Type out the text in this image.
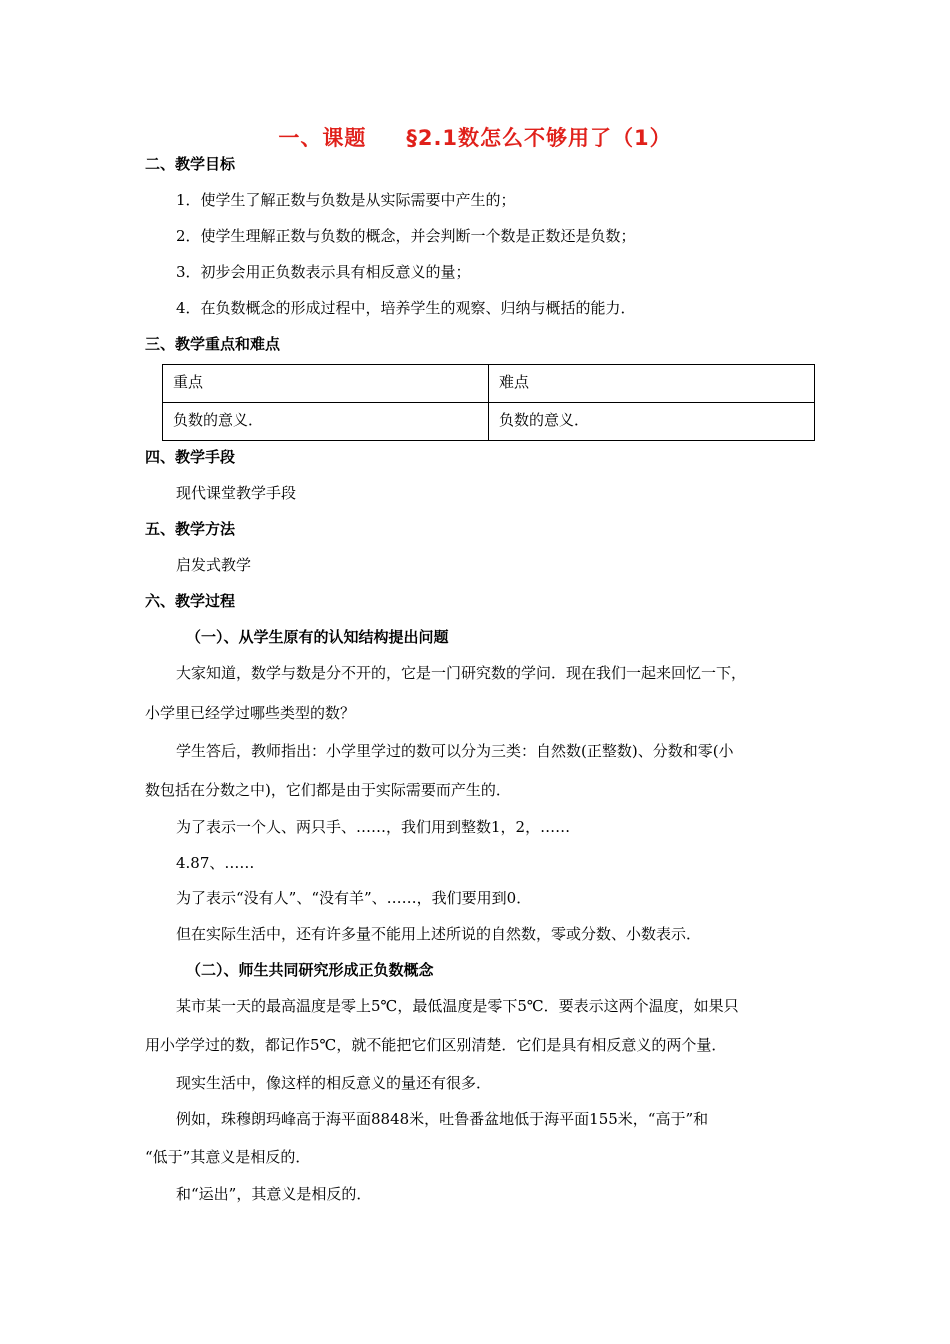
一、课题 §2.1数怎么不够用了（1）
二、教学目标
1．使学生了解正数与负数是从实际需要中产生的；
2．使学生理解正数与负数的概念，并会判断一个数是正数还是负数；
3．初步会用正负数表示具有相反意义的量；
4．在负数概念的形成过程中，培养学生的观察、归纳与概括的能力．
三、教学重点和难点
重点	难点
负数的意义．	负数的意义．
四、教学手段
现代课堂教学手段
五、教学方法
启发式教学
六、教学过程
（一）、从学生原有的认知结构提出问题
大家知道，数学与数是分不开的，它是一门研究数的学问．现在我们一起来回忆一下，
小学里已经学过哪些类型的数？
学生答后，教师指出：小学里学过的数可以分为三类：自然数(正整数)、分数和零(小
数包括在分数之中)，它们都是由于实际需要而产生的．
为了表示一个人、两只手、……，我们用到整数1，2，……
4.87、……
为了表示“没有人”、“没有羊”、……，我们要用到0．
但在实际生活中，还有许多量不能用上述所说的自然数，零或分数、小数表示．
（二）、师生共同研究形成正负数概念
某市某一天的最高温度是零上5℃，最低温度是零下5℃．要表示这两个温度，如果只
用小学学过的数，都记作5℃，就不能把它们区别清楚．它们是具有相反意义的两个量．
现实生活中，像这样的相反意义的量还有很多．
例如，珠穆朗玛峰高于海平面8848米，吐鲁番盆地低于海平面155米，“高于”和
“低于”其意义是相反的．
和“运出”，其意义是相反的．
